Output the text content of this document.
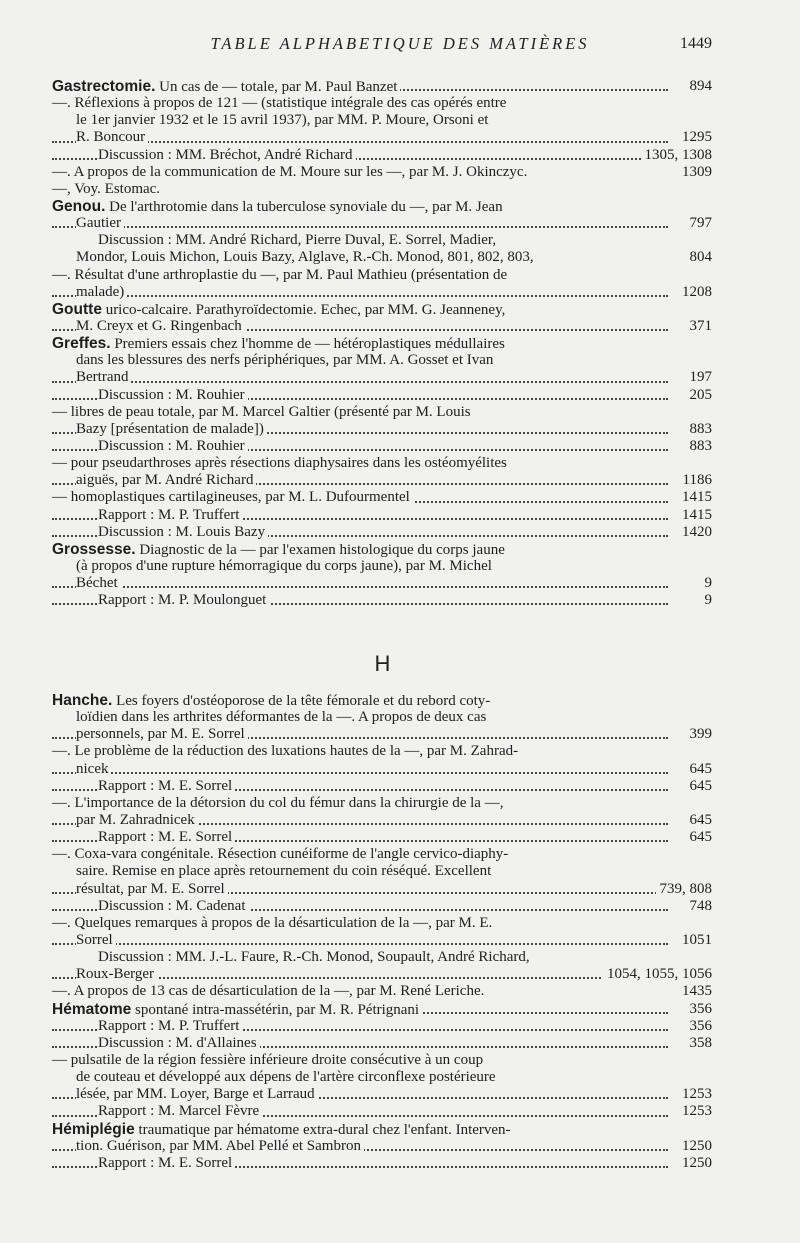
TABLE ALPHABETIQUE DES MATIÈRES	1449
Gastrectomie. Un cas de — totale, par M. Paul Banzet	894
—. Réflexions à propos de 121 — (statistique intégrale des cas opérés entre
le 1er janvier 1932 et le 15 avril 1937), par MM. P. Moure, Orsoni et
R. Boncour	1295
Discussion : MM. Bréchot, André Richard	1305, 1308
—. A propos de la communication de M. Moure sur les —, par M. J. Okinczyc.	1309
—, Voy. Estomac.
Genou. De l'arthrotomie dans la tuberculose synoviale du —, par M. Jean
Gautier	797
Discussion : MM. André Richard, Pierre Duval, E. Sorrel, Madier,
Mondor, Louis Michon, Louis Bazy, Alglave, R.-Ch. Monod, 801, 802, 803,	804
—. Résultat d'une arthroplastie du —, par M. Paul Mathieu (présentation de
malade)	1208
Goutte urico-calcaire. Parathyroïdectomie. Echec, par MM. G. Jeanneney,
M. Creyx et G. Ringenbach	371
Greffes. Premiers essais chez l'homme de — hétéroplastiques médullaires
dans les blessures des nerfs périphériques, par MM. A. Gosset et Ivan
Bertrand	197
Discussion : M. Rouhier	205
— libres de peau totale, par M. Marcel Galtier (présenté par M. Louis
Bazy [présentation de malade])	883
Discussion : M. Rouhier	883
— pour pseudarthroses après résections diaphysaires dans les ostéomyélites
aiguës, par M. André Richard	1186
— homoplastiques cartilagineuses, par M. L. Dufourmentel	1415
Rapport : M. P. Truffert	1415
Discussion : M. Louis Bazy	1420
Grossesse. Diagnostic de la — par l'examen histologique du corps jaune
(à propos d'une rupture hémorragique du corps jaune), par M. Michel
Béchet	9
Rapport : M. P. Moulonguet	9
H
Hanche. Les foyers d'ostéoporose de la tête fémorale et du rebord coty-
loïdien dans les arthrites déformantes de la —. A propos de deux cas
personnels, par M. E. Sorrel	399
—. Le problème de la réduction des luxations hautes de la —, par M. Zahrad-
nicek	645
Rapport : M. E. Sorrel	645
—. L'importance de la détorsion du col du fémur dans la chirurgie de la —,
par M. Zahradnicek	645
Rapport : M. E. Sorrel	645
—. Coxa-vara congénitale. Résection cunéiforme de l'angle cervico-diaphy-
saire. Remise en place après retournement du coin réséqué. Excellent
résultat, par M. E. Sorrel	739, 808
Discussion : M. Cadenat	748
—. Quelques remarques à propos de la désarticulation de la —, par M. E.
Sorrel	1051
Discussion : MM. J.-L. Faure, R.-Ch. Monod, Soupault, André Richard,
Roux-Berger	1054, 1055, 1056
—. A propos de 13 cas de désarticulation de la —, par M. René Leriche.	1435
Hématome spontané intra-massétérin, par M. R. Pétrignani	356
Rapport : M. P. Truffert	356
Discussion : M. d'Allaines	358
— pulsatile de la région fessière inférieure droite consécutive à un coup
de couteau et développé aux dépens de l'artère circonflexe postérieure
lésée, par MM. Loyer, Barge et Larraud	1253
Rapport : M. Marcel Fèvre	1253
Hémiplégie traumatique par hématome extra-dural chez l'enfant. Interven-
tion. Guérison, par MM. Abel Pellé et Sambron	1250
Rapport : M. E. Sorrel	1250
